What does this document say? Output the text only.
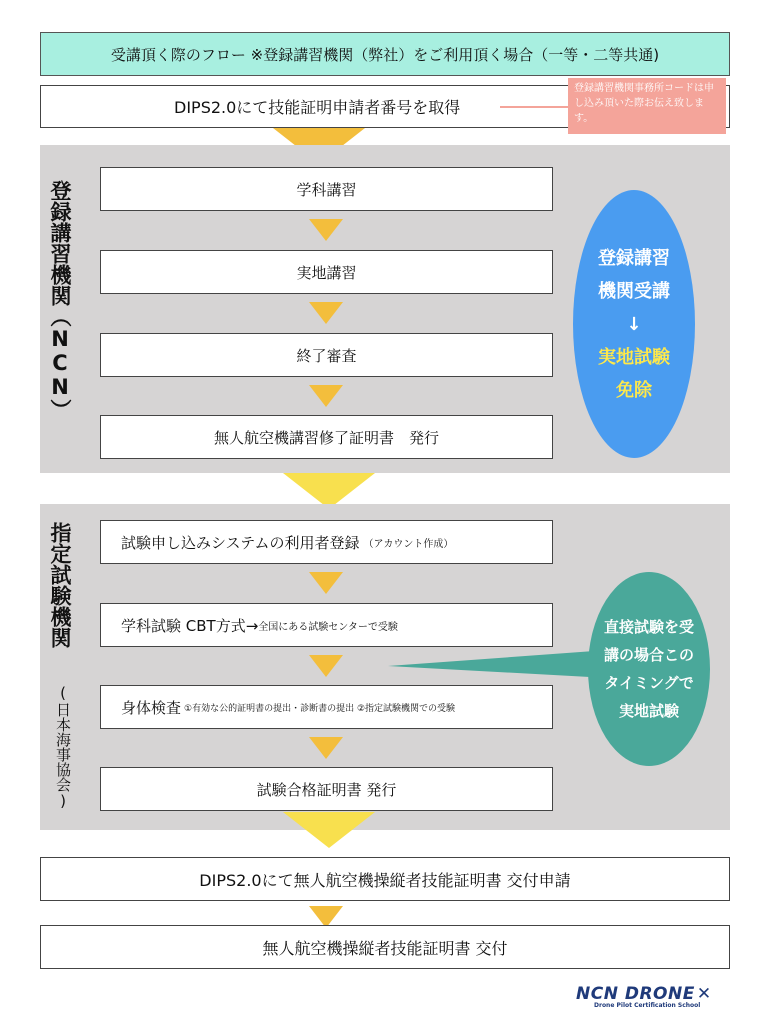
受講頂く際のフロー ※登録講習機関（弊社）をご利用頂く場合（一等・二等共通)
DIPS2.0にて技能証明申請者番号を取得
登録講習機関事務所コードは申し込み頂いた際お伝え致します。
登録講習機関（NCN）	学科講習
実地講習
終了審査
無人航空機講習修了証明書　発行
登録講習機関受講
↓
実地試験免除
指定試験機関
(日本海事協会)
試験申し込みシステムの利用者登録 （アカウント作成）
学科試験 CBT方式→ 全国にある試験センターで受験
身体検査 ①有効な公的証明書の提出・診断書の提出 ②指定試験機関での受験
試験合格証明書 発行
直接試験を受講の場合このタイミングで実地試験
DIPS2.0にて無人航空機操縦者技能証明書 交付申請
無人航空機操縦者技能証明書 交付
NCN DRONE ✕
Drone Pilot Certification School
